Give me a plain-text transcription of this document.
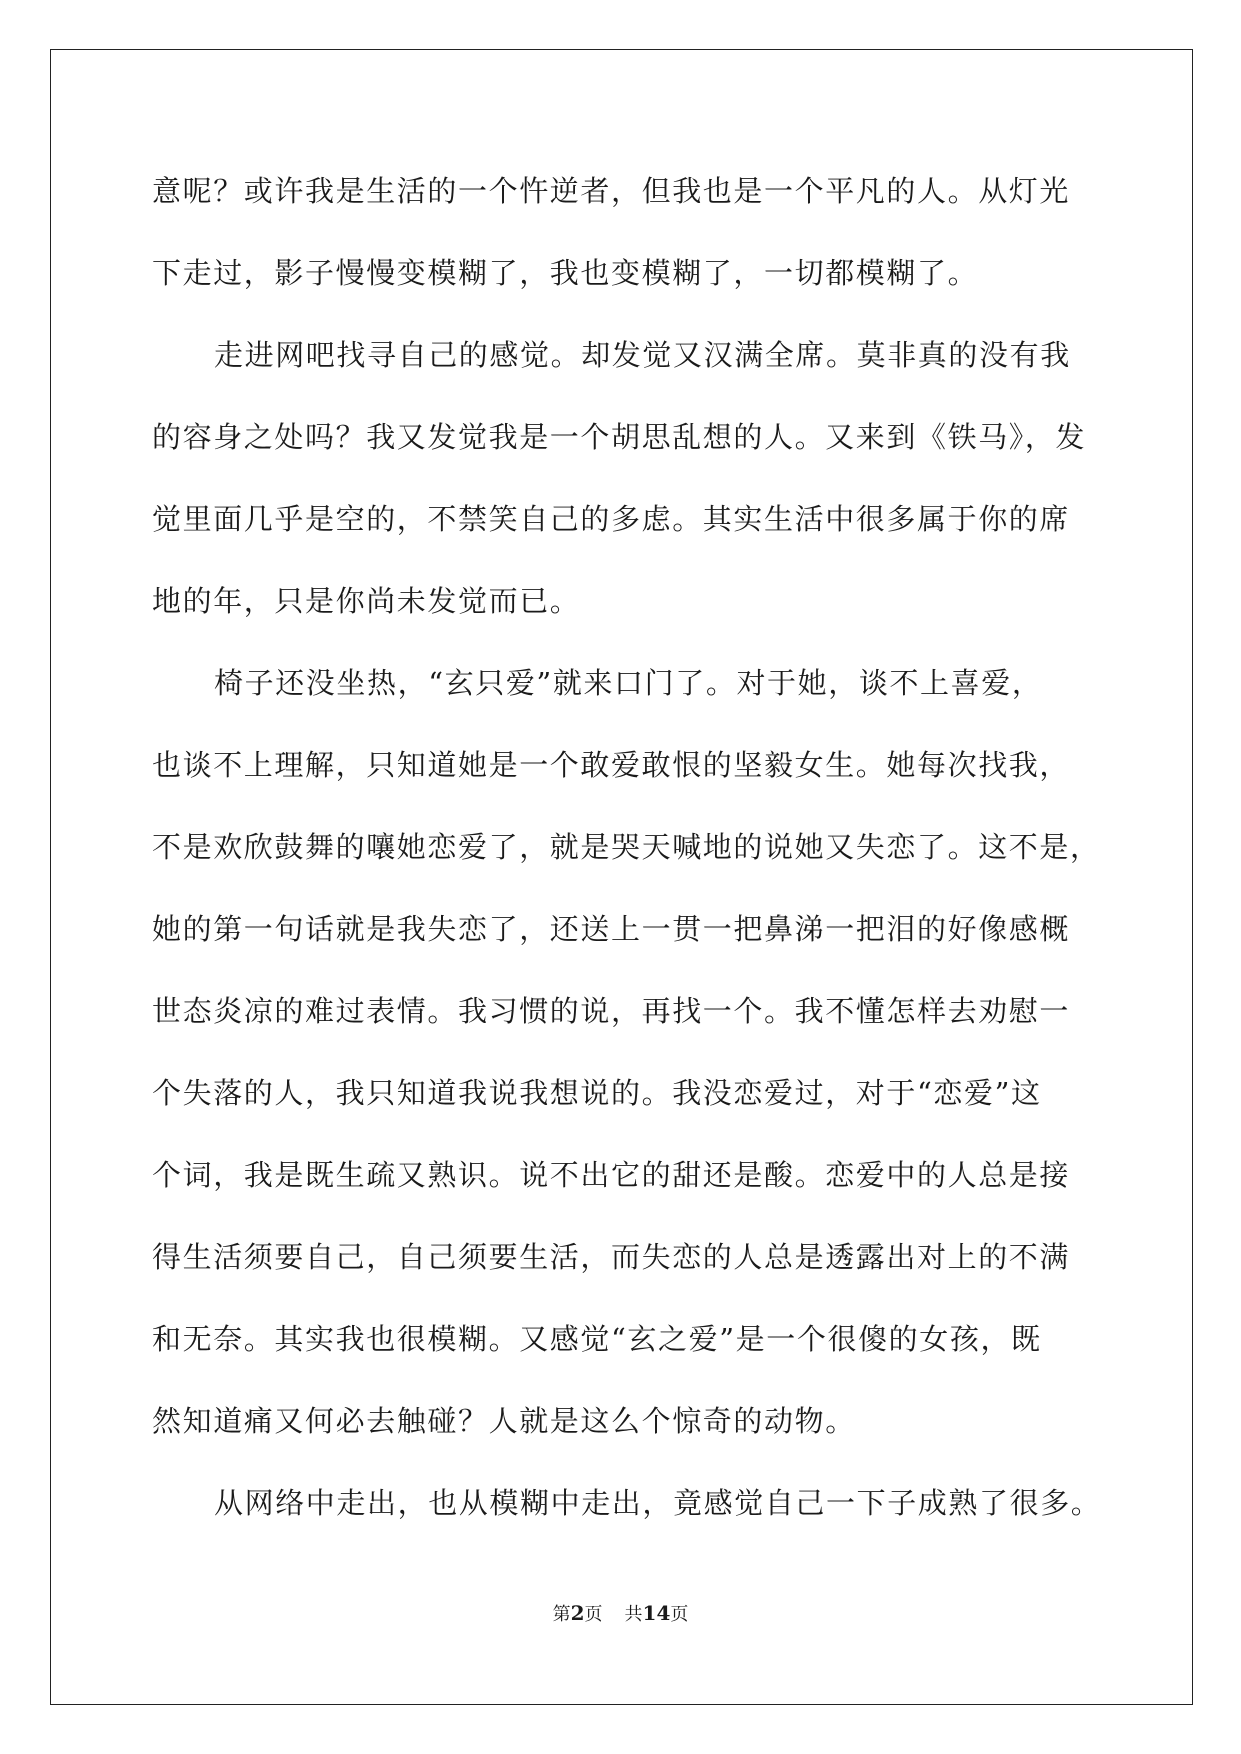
意呢？或许我是生活的一个忤逆者，但我也是一个平凡的人。从灯光
下走过，影子慢慢变模糊了，我也变模糊了，一切都模糊了。
走进网吧找寻自己的感觉。却发觉又汉满全席。莫非真的没有我
的容身之处吗？我又发觉我是一个胡思乱想的人。又来到《铁马》，发
觉里面几乎是空的，不禁笑自己的多虑。其实生活中很多属于你的席
地的年，只是你尚未发觉而已。
椅子还没坐热，“玄只爱”就来口门了。对于她，谈不上喜爱，
也谈不上理解，只知道她是一个敢爱敢恨的坚毅女生。她每次找我，
不是欢欣鼓舞的嚷她恋爱了，就是哭天喊地的说她又失恋了。这不是，
她的第一句话就是我失恋了，还送上一贯一把鼻涕一把泪的好像感概
世态炎凉的难过表情。我习惯的说，再找一个。我不懂怎样去劝慰一
个失落的人，我只知道我说我想说的。我没恋爱过，对于“恋爱”这
个词，我是既生疏又熟识。说不出它的甜还是酸。恋爱中的人总是接
得生活须要自己，自己须要生活，而失恋的人总是透露出对上的不满
和无奈。其实我也很模糊。又感觉“玄之爱”是一个很傻的女孩，既
然知道痛又何必去触碰？人就是这么个惊奇的动物。
从网络中走出，也从模糊中走出，竟感觉自己一下子成熟了很多。
第2页 共14页
